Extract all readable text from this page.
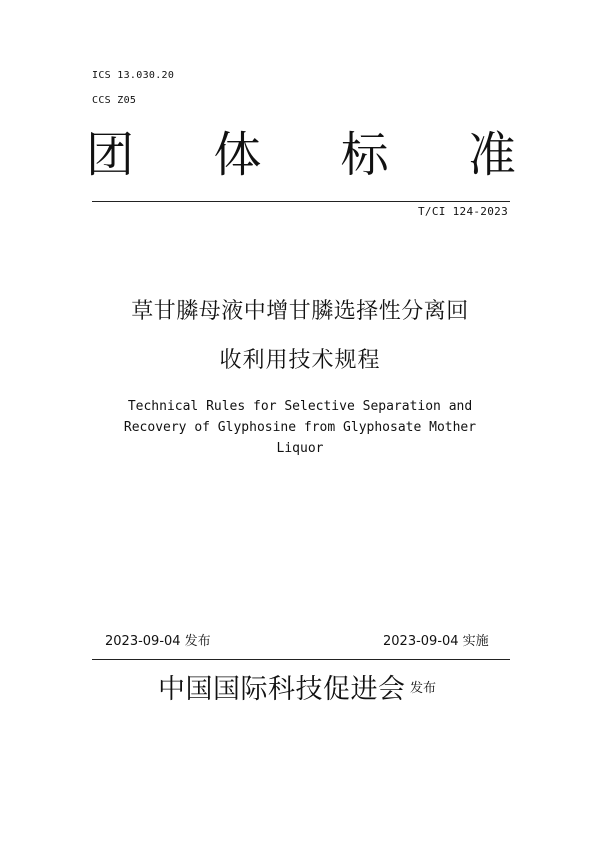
ICS 13.030.20
CCS Z05
团 体 标 准
T/CI 124-2023
草甘膦母液中增甘膦选择性分离回
收利用技术规程
Technical Rules for Selective Separation and
Recovery of Glyphosine from Glyphosate Mother
Liquor
2023-09-04 发布	2023-09-04 实施
中国国际科技促进会 发布
